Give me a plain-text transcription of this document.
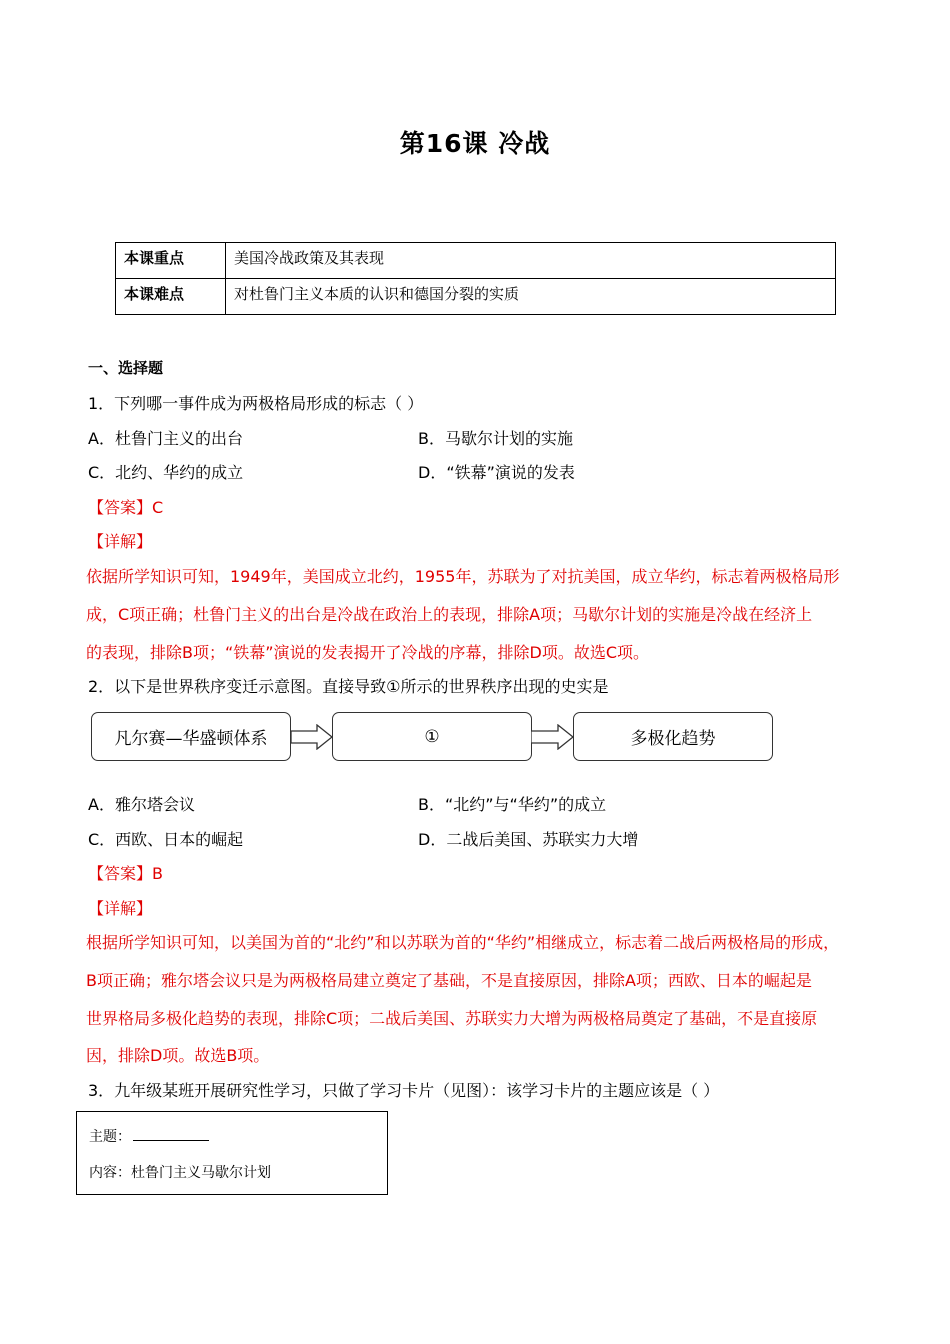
第16课 冷战
本课重点	美国冷战政策及其表现
本课难点	对杜鲁门主义本质的认识和德国分裂的实质
一、选择题
1．下列哪一事件成为两极格局形成的标志（ ）
A．杜鲁门主义的出台	B．马歇尔计划的实施
C．北约、华约的成立	D．“铁幕”演说的发表
【答案】C
【详解】
依据所学知识可知，1949年，美国成立北约，1955年，苏联为了对抗美国，成立华约，标志着两极格局形
成，C项正确；杜鲁门主义的出台是冷战在政治上的表现，排除A项；马歇尔计划的实施是冷战在经济上
的表现，排除B项；“铁幕”演说的发表揭开了冷战的序幕，排除D项。故选C项。
2．以下是世界秩序变迁示意图。直接导致①所示的世界秩序出现的史实是
凡尔赛—华盛顿体系	①	多极化趋势
A．雅尔塔会议	B．“北约”与“华约”的成立
C．西欧、日本的崛起	D．二战后美国、苏联实力大增
【答案】B
【详解】
根据所学知识可知，以美国为首的“北约”和以苏联为首的“华约”相继成立，标志着二战后两极格局的形成，
B项正确；雅尔塔会议只是为两极格局建立奠定了基础，不是直接原因，排除A项；西欧、日本的崛起是
世界格局多极化趋势的表现，排除C项；二战后美国、苏联实力大增为两极格局奠定了基础，不是直接原
因，排除D项。故选B项。
3．九年级某班开展研究性学习，只做了学习卡片（见图）：该学习卡片的主题应该是（ ）
主题：
内容：杜鲁门主义马歇尔计划
